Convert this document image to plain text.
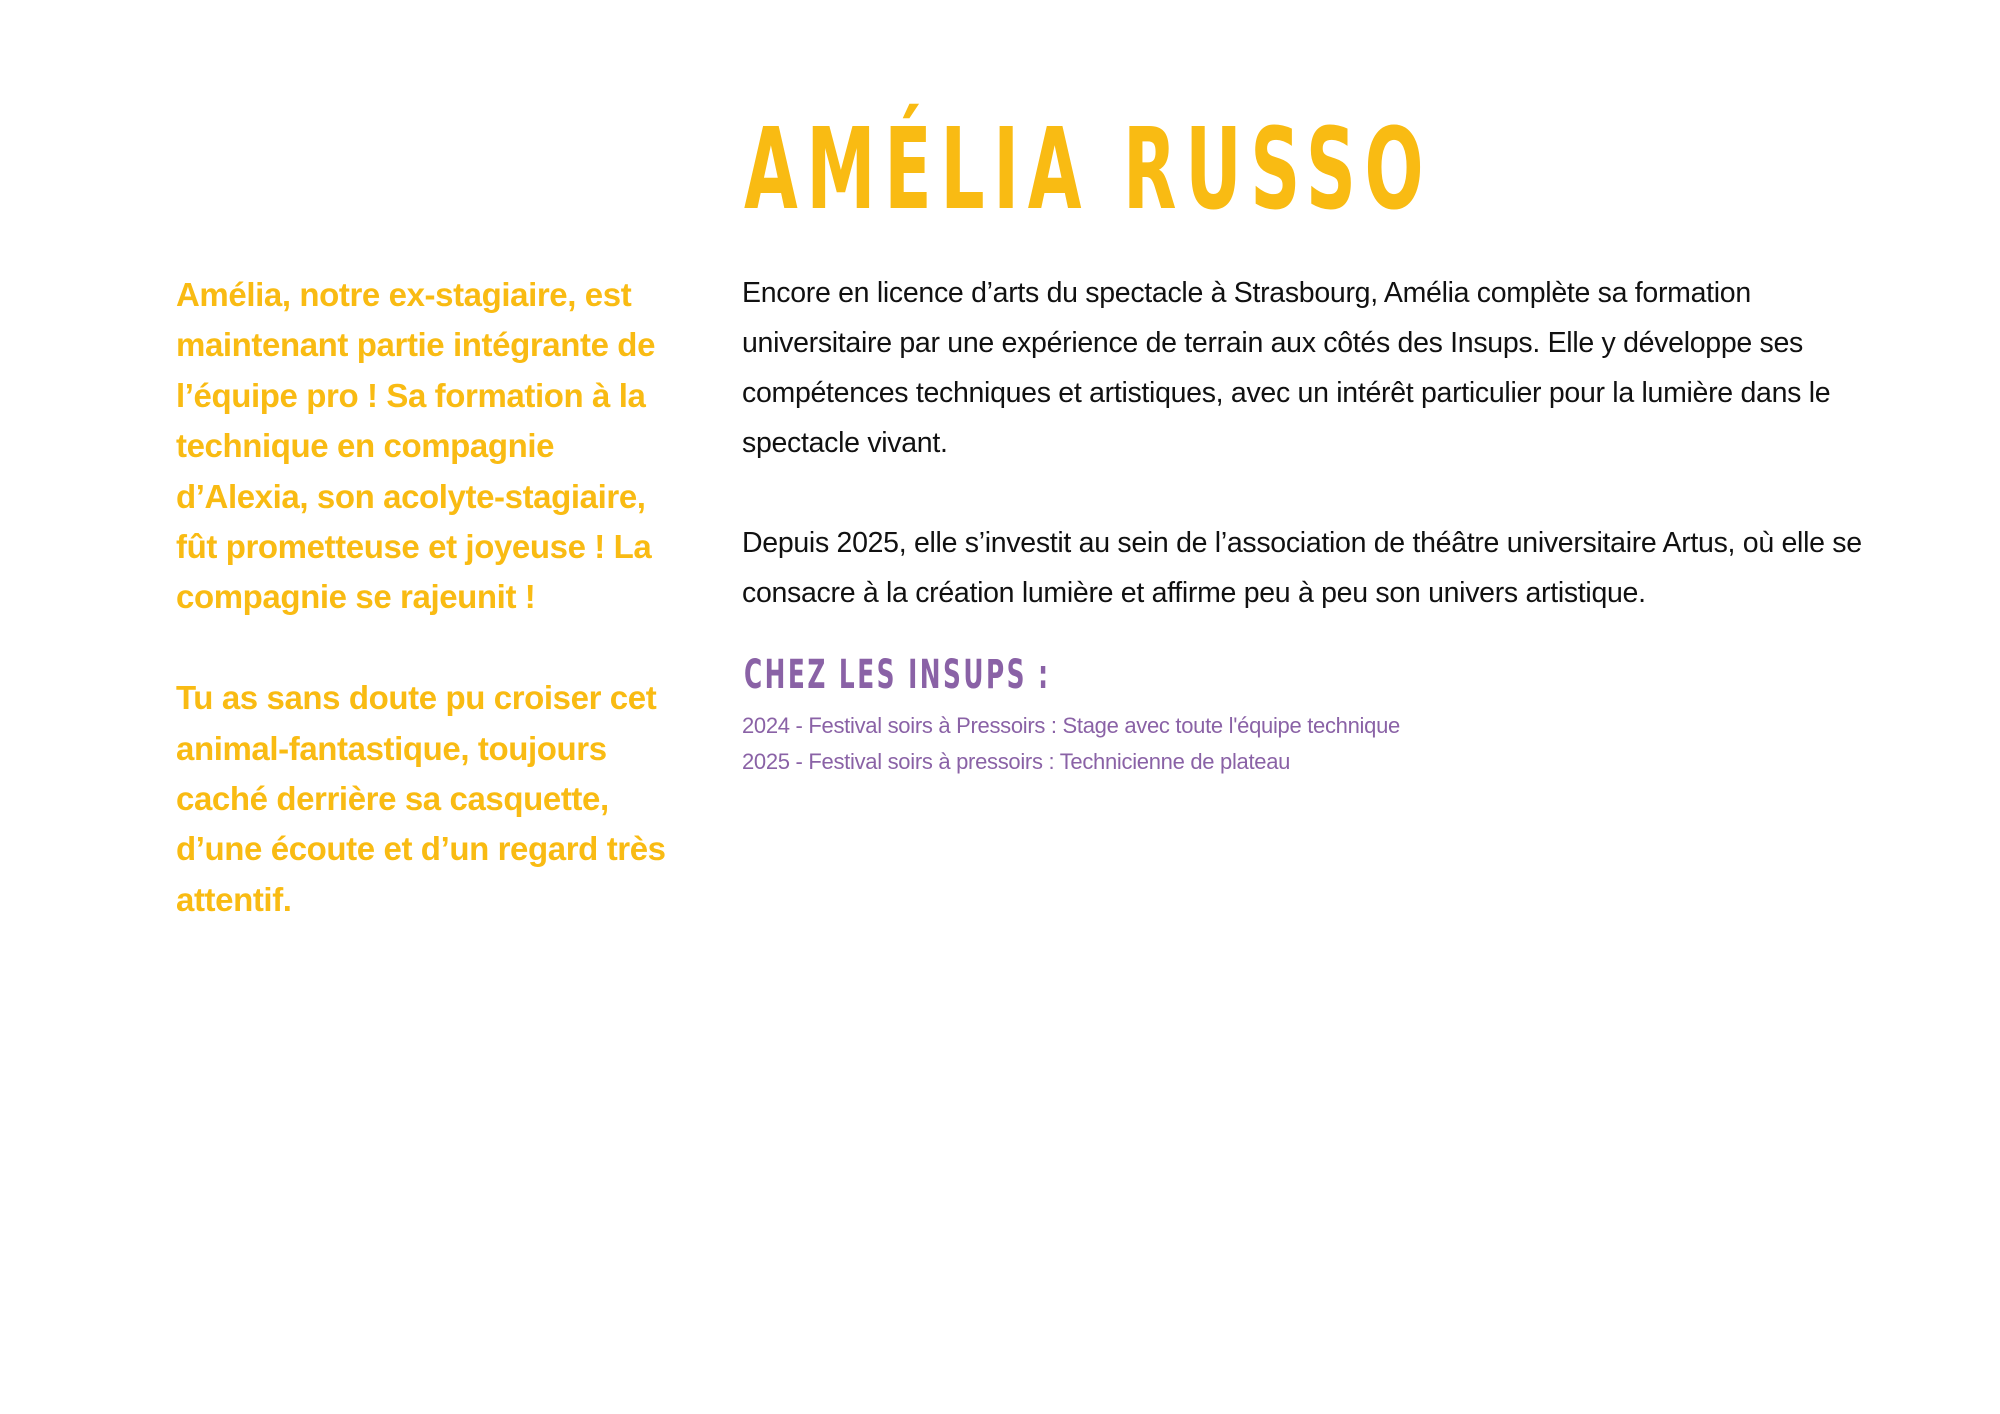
AMÉLIA RUSSO

Amélia, notre ex-stagiaire, est maintenant partie intégrante de l’équipe pro ! Sa formation à la technique en compagnie d’Alexia, son acolyte-stagiaire, fût prometteuse et joyeuse ! La compagnie se rajeunit !

Tu as sans doute pu croiser cet animal-fantastique, toujours caché derrière sa casquette, d’une écoute et d’un regard très attentif.

Encore en licence d’arts du spectacle à Strasbourg, Amélia complète sa formation universitaire par une expérience de terrain aux côtés des Insups. Elle y développe ses compétences techniques et artistiques, avec un intérêt particulier pour la lumière dans le spectacle vivant.

Depuis 2025, elle s’investit au sein de l’association de théâtre universitaire Artus, où elle se consacre à la création lumière et affirme peu à peu son univers artistique.

CHEZ LES INSUPS :
2024 - Festival soirs à Pressoirs : Stage avec toute l'équipe technique
2025 - Festival soirs à pressoirs : Technicienne de plateau
